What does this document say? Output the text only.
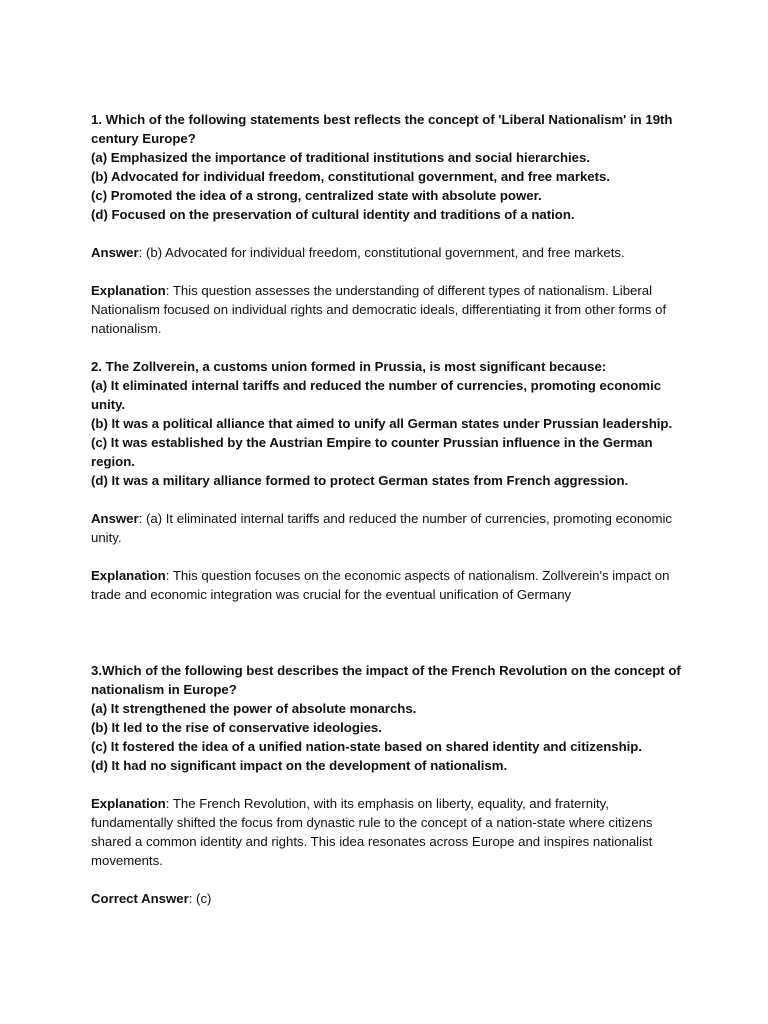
1. Which of the following statements best reflects the concept of 'Liberal Nationalism' in 19th century Europe?

(a) Emphasized the importance of traditional institutions and social hierarchies.

(b) Advocated for individual freedom, constitutional government, and free markets.

(c) Promoted the idea of a strong, centralized state with absolute power.

(d) Focused on the preservation of cultural identity and traditions of a nation.

Answer: (b) Advocated for individual freedom, constitutional government, and free markets.

Explanation: This question assesses the understanding of different types of nationalism. Liberal Nationalism focused on individual rights and democratic ideals, differentiating it from other forms of nationalism.

2. The Zollverein, a customs union formed in Prussia, is most significant because:

(a) It eliminated internal tariffs and reduced the number of currencies, promoting economic unity.

(b) It was a political alliance that aimed to unify all German states under Prussian leadership.

(c) It was established by the Austrian Empire to counter Prussian influence in the German region.

(d) It was a military alliance formed to protect German states from French aggression.

Answer: (a) It eliminated internal tariffs and reduced the number of currencies, promoting economic unity.

Explanation: This question focuses on the economic aspects of nationalism. Zollverein's impact on trade and economic integration was crucial for the eventual unification of Germany

3.Which of the following best describes the impact of the French Revolution on the concept of nationalism in Europe?

(a) It strengthened the power of absolute monarchs.

(b) It led to the rise of conservative ideologies.

(c) It fostered the idea of a unified nation-state based on shared identity and citizenship.

(d) It had no significant impact on the development of nationalism.

Explanation: The French Revolution, with its emphasis on liberty, equality, and fraternity, fundamentally shifted the focus from dynastic rule to the concept of a nation-state where citizens shared a common identity and rights. This idea resonates across Europe and inspires nationalist movements.

Correct Answer: (c)
